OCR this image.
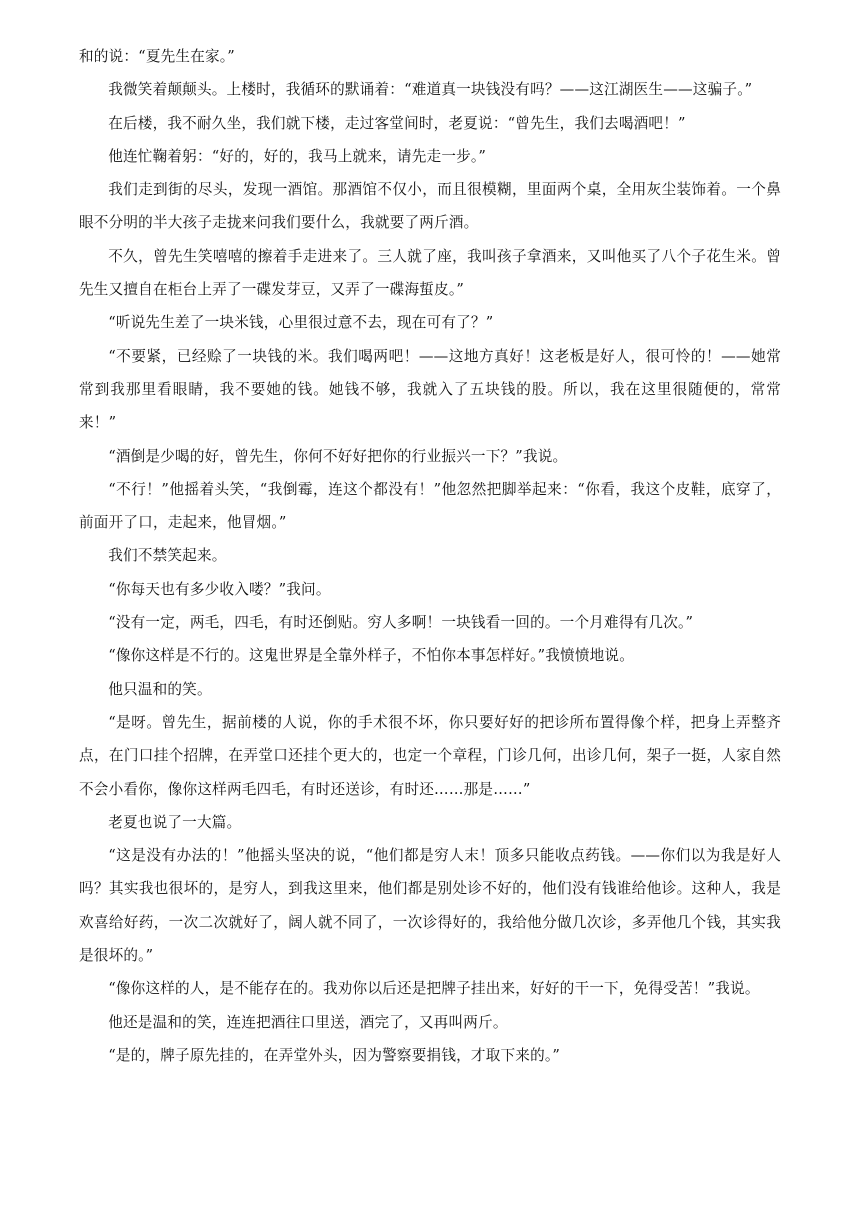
和的说：“夏先生在家。”

我微笑着颠颠头。上楼时，我循环的默诵着：“难道真一块钱没有吗？——这江湖医生——这骗子。”

在后楼，我不耐久坐，我们就下楼，走过客堂间时，老夏说：“曾先生，我们去喝酒吧！”

他连忙鞠着躬：“好的，好的，我马上就来，请先走一步。”

我们走到街的尽头，发现一酒馆。那酒馆不仅小，而且很模糊，里面两个桌，全用灰尘装饰着。一个鼻眼不分明的半大孩子走拢来问我们要什么，我就要了两斤酒。

不久，曾先生笑嘻嘻的擦着手走进来了。三人就了座，我叫孩子拿酒来，又叫他买了八个子花生米。曾先生又擅自在柜台上弄了一碟发芽豆，又弄了一碟海蜇皮。”

“听说先生差了一块米钱，心里很过意不去，现在可有了？”

“不要紧，已经赊了一块钱的米。我们喝两吧！——这地方真好！这老板是好人，很可怜的！——她常常到我那里看眼睛，我不要她的钱。她钱不够，我就入了五块钱的股。所以，我在这里很随便的，常常来！”

“酒倒是少喝的好，曾先生，你何不好好把你的行业振兴一下？”我说。

“不行！”他摇着头笑，“我倒霉，连这个都没有！”他忽然把脚举起来：“你看，我这个皮鞋，底穿了，前面开了口，走起来，他冒烟。”

我们不禁笑起来。

“你每天也有多少收入喽？”我问。

“没有一定，两毛，四毛，有时还倒贴。穷人多啊！一块钱看一回的。一个月难得有几次。”

“像你这样是不行的。这鬼世界是全靠外样子，不怕你本事怎样好。”我愤愤地说。

他只温和的笑。

“是呀。曾先生，据前楼的人说，你的手术很不坏，你只要好好的把诊所布置得像个样，把身上弄整齐点，在门口挂个招牌，在弄堂口还挂个更大的，也定一个章程，门诊几何，出诊几何，架子一挺，人家自然不会小看你，像你这样两毛四毛，有时还送诊，有时还……那是……”

老夏也说了一大篇。

“这是没有办法的！”他摇头坚决的说，“他们都是穷人末！顶多只能收点药钱。——你们以为我是好人吗？其实我也很坏的，是穷人，到我这里来，他们都是别处诊不好的，他们没有钱谁给他诊。这种人，我是欢喜给好药，一次二次就好了，阔人就不同了，一次诊得好的，我给他分做几次诊，多弄他几个钱，其实我是很坏的。”

“像你这样的人，是不能存在的。我劝你以后还是把牌子挂出来，好好的干一下，免得受苦！”我说。

他还是温和的笑，连连把酒往口里送，酒完了，又再叫两斤。

“是的，牌子原先挂的，在弄堂外头，因为警察要捐钱，才取下来的。”
